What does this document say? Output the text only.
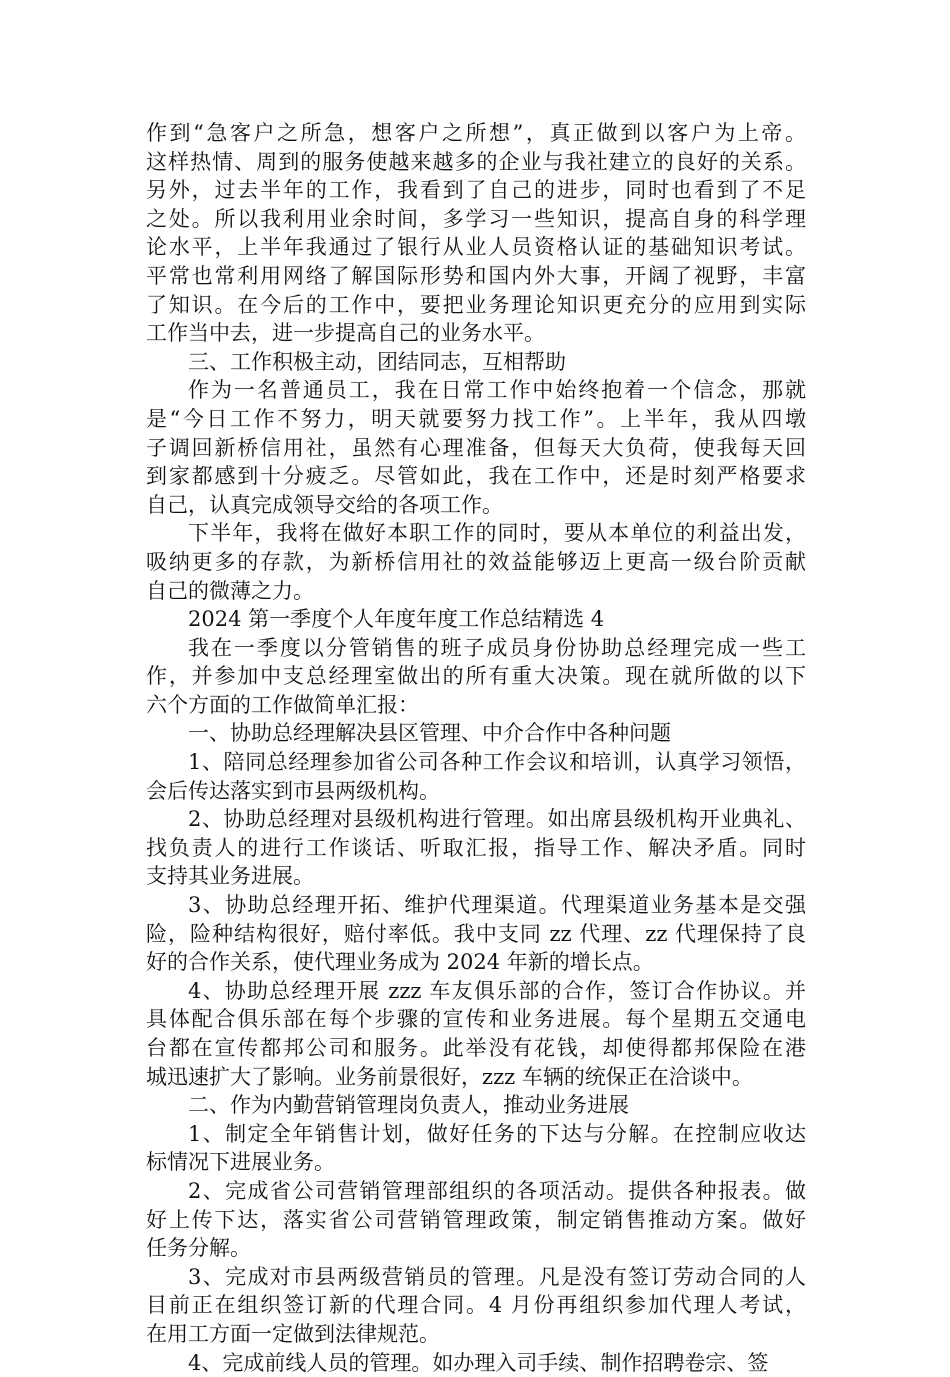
作到“急客户之所急，想客户之所想”，真正做到以客户为上帝。
这样热情、周到的服务使越来越多的企业与我社建立的良好的关系。
另外，过去半年的工作，我看到了自己的进步，同时也看到了不足
之处。所以我利用业余时间，多学习一些知识，提高自身的科学理
论水平，上半年我通过了银行从业人员资格认证的基础知识考试。
平常也常利用网络了解国际形势和国内外大事，开阔了视野，丰富
了知识。在今后的工作中，要把业务理论知识更充分的应用到实际
工作当中去，进一步提高自己的业务水平。
三、工作积极主动，团结同志，互相帮助
作为一名普通员工，我在日常工作中始终抱着一个信念，那就
是“今日工作不努力，明天就要努力找工作”。上半年，我从四墩
子调回新桥信用社，虽然有心理准备，但每天大负荷，使我每天回
到家都感到十分疲乏。尽管如此，我在工作中，还是时刻严格要求
自己，认真完成领导交给的各项工作。
下半年，我将在做好本职工作的同时，要从本单位的利益出发，
吸纳更多的存款，为新桥信用社的效益能够迈上更高一级台阶贡献
自己的微薄之力。
2024 第一季度个人年度年度工作总结精选 4
我在一季度以分管销售的班子成员身份协助总经理完成一些工
作，并参加中支总经理室做出的所有重大决策。现在就所做的以下
六个方面的工作做简单汇报：
一、协助总经理解决县区管理、中介合作中各种问题
1、陪同总经理参加省公司各种工作会议和培训，认真学习领悟，
会后传达落实到市县两级机构。
2、协助总经理对县级机构进行管理。如出席县级机构开业典礼、
找负责人的进行工作谈话、听取汇报，指导工作、解决矛盾。同时
支持其业务进展。
3、协助总经理开拓、维护代理渠道。代理渠道业务基本是交强
险，险种结构很好，赔付率低。我中支同 zz 代理、zz 代理保持了良
好的合作关系，使代理业务成为 2024 年新的增长点。
4、协助总经理开展 zzz 车友俱乐部的合作，签订合作协议。并
具体配合俱乐部在每个步骤的宣传和业务进展。每个星期五交通电
台都在宣传都邦公司和服务。此举没有花钱，却使得都邦保险在港
城迅速扩大了影响。业务前景很好，zzz 车辆的统保正在洽谈中。
二、作为内勤营销管理岗负责人，推动业务进展
1、制定全年销售计划，做好任务的下达与分解。在控制应收达
标情况下进展业务。
2、完成省公司营销管理部组织的各项活动。提供各种报表。做
好上传下达，落实省公司营销管理政策，制定销售推动方案。做好
任务分解。
3、完成对市县两级营销员的管理。凡是没有签订劳动合同的人
目前正在组织签订新的代理合同。4 月份再组织参加代理人考试，
在用工方面一定做到法律规范。
4、完成前线人员的管理。如办理入司手续、制作招聘卷宗、签
